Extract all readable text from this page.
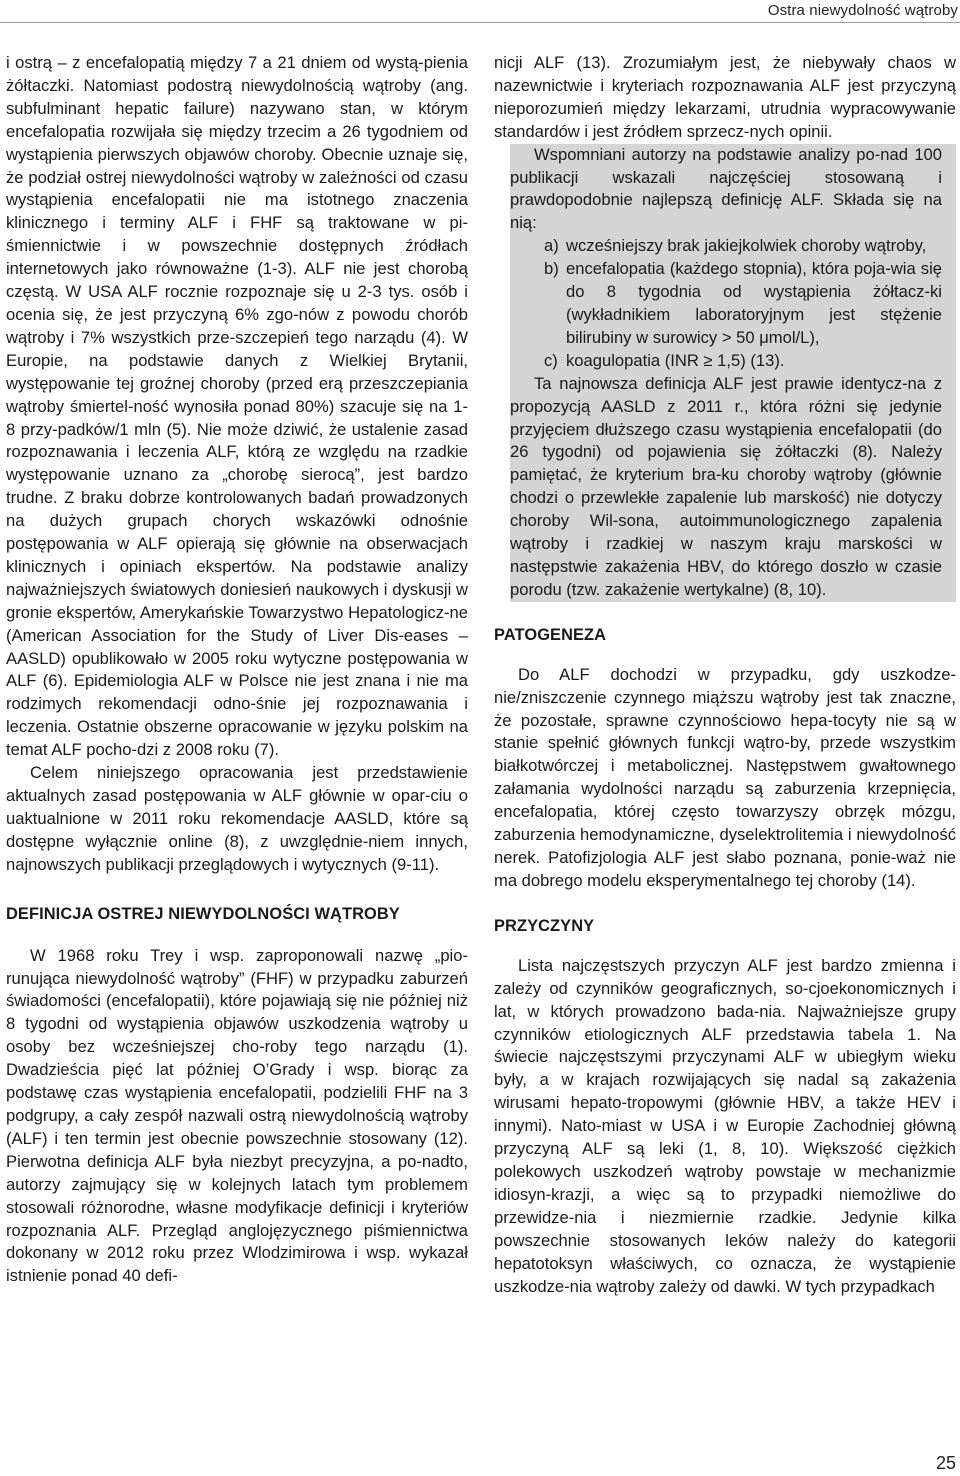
Ostra niewydolność wątroby

i ostrą – z encefalopatią między 7 a 21 dniem od wystą-pienia żółtaczki. Natomiast podostrą niewydolnością wątroby (ang. subfulminant hepatic failure) nazywano stan, w którym encefalopatia rozwijała się między trzecim a 26 tygodniem od wystąpienia pierwszych objawów choroby. Obecnie uznaje się, że podział ostrej niewydolności wątroby w zależności od czasu wystąpienia encefalopatii nie ma istotnego znaczenia klinicznego i terminy ALF i FHF są traktowane w pi-śmiennictwie i w powszechnie dostępnych źródłach internetowych jako równoważne (1-3). ALF nie jest chorobą częstą. W USA ALF rocznie rozpoznaje się u 2-3 tys. osób i ocenia się, że jest przyczyną 6% zgo-nów z powodu chorób wątroby i 7% wszystkich prze-szczepień tego narządu (4). W Europie, na podstawie danych z Wielkiej Brytanii, występowanie tej groźnej choroby (przed erą przeszczepiania wątroby śmiertel-ność wynosiła ponad 80%) szacuje się na 1-8 przy-padków/1 mln (5). Nie może dziwić, że ustalenie zasad rozpoznawania i leczenia ALF, którą ze względu na rzadkie występowanie uznano za „chorobę sierocą”, jest bardzo trudne. Z braku dobrze kontrolowanych badań prowadzonych na dużych grupach chorych wskazówki odnośnie postępowania w ALF opierają się głównie na obserwacjach klinicznych i opiniach ekspertów. Na podstawie analizy najważniejszych światowych doniesień naukowych i dyskusji w gronie ekspertów, Amerykańskie Towarzystwo Hepatologicz-ne (American Association for the Study of Liver Dis-eases – AASLD) opublikowało w 2005 roku wytyczne postępowania w ALF (6). Epidemiologia ALF w Polsce nie jest znana i nie ma rodzimych rekomendacji odno-śnie jej rozpoznawania i leczenia. Ostatnie obszerne opracowanie w języku polskim na temat ALF pocho-dzi z 2008 roku (7).

Celem niniejszego opracowania jest przedstawienie aktualnych zasad postępowania w ALF głównie w opar-ciu o uaktualnione w 2011 roku rekomendacje AASLD, które są dostępne wyłącznie online (8), z uwzględnie-niem innych, najnowszych publikacji przeglądowych i wytycznych (9-11).

DEFINICJA OSTREJ NIEWYDOLNOŚCI WĄTROBY

W 1968 roku Trey i wsp. zaproponowali nazwę „pio-runująca niewydolność wątroby” (FHF) w przypadku zaburzeń świadomości (encefalopatii), które pojawiają się nie później niż 8 tygodni od wystąpienia objawów uszkodzenia wątroby u osoby bez wcześniejszej cho-roby tego narządu (1). Dwadzieścia pięć lat później O’Grady i wsp. biorąc za podstawę czas wystąpienia encefalopatii, podzielili FHF na 3 podgrupy, a cały zespół nazwali ostrą niewydolnością wątroby (ALF) i ten termin jest obecnie powszechnie stosowany (12). Pierwotna definicja ALF była niezbyt precyzyjna, a po-nadto, autorzy zajmujący się w kolejnych latach tym problemem stosowali różnorodne, własne modyfikacje definicji i kryteriów rozpoznania ALF. Przegląd anglojęzycznego piśmiennictwa dokonany w 2012 roku przez Wlodzimirowa i wsp. wykazał istnienie ponad 40 defi-

nicji ALF (13). Zrozumiałym jest, że niebywały chaos w nazewnictwie i kryteriach rozpoznawania ALF jest przyczyną nieporozumień między lekarzami, utrudnia wypracowywanie standardów i jest źródłem sprzecz-nych opinii.

Wspomniani autorzy na podstawie analizy po-nad 100 publikacji wskazali najczęściej stosowaną i prawdopodobnie najlepszą definicję ALF. Składa się na nią:

a) wcześniejszy brak jakiejkolwiek choroby wątroby,
b) encefalopatia (każdego stopnia), która poja-wia się do 8 tygodnia od wystąpienia żółtacz-ki (wykładnikiem laboratoryjnym jest stężenie bilirubiny w surowicy > 50 μmol/L),
c) koagulopatia (INR ≥ 1,5) (13).

Ta najnowsza definicja ALF jest prawie identycz-na z propozycją AASLD z 2011 r., która różni się jedynie przyjęciem dłuższego czasu wystąpienia encefalopatii (do 26 tygodni) od pojawienia się żółtaczki (8). Należy pamiętać, że kryterium bra-ku choroby wątroby (głównie chodzi o przewlekłe zapalenie lub marskość) nie dotyczy choroby Wil-sona, autoimmunologicznego zapalenia wątroby i rzadkiej w naszym kraju marskości w następstwie zakażenia HBV, do którego doszło w czasie porodu (tzw. zakażenie wertykalne) (8, 10).

PATOGENEZA

Do ALF dochodzi w przypadku, gdy uszkodze-nie/zniszczenie czynnego miąższu wątroby jest tak znaczne, że pozostałe, sprawne czynnościowo hepa-tocyty nie są w stanie spełnić głównych funkcji wątro-by, przede wszystkim białkotwórczej i metabolicznej. Następstwem gwałtownego załamania wydolności narządu są zaburzenia krzepnięcia, encefalopatia, której często towarzyszy obrzęk mózgu, zaburzenia hemodynamiczne, dyselektrolitemia i niewydolność nerek. Patofizjologia ALF jest słabo poznana, ponie-waż nie ma dobrego modelu eksperymentalnego tej choroby (14).

PRZYCZYNY

Lista najczęstszych przyczyn ALF jest bardzo zmienna i zależy od czynników geograficznych, so-cjoekonomicznych i lat, w których prowadzono bada-nia. Najważniejsze grupy czynników etiologicznych ALF przedstawia tabela 1. Na świecie najczęstszymi przyczynami ALF w ubiegłym wieku były, a w krajach rozwijających się nadal są zakażenia wirusami hepato-tropowymi (głównie HBV, a także HEV i innymi). Nato-miast w USA i w Europie Zachodniej główną przyczyną ALF są leki (1, 8, 10). Większość ciężkich polekowych uszkodzeń wątroby powstaje w mechanizmie idiosyn-krazji, a więc są to przypadki niemożliwe do przewidze-nia i niezmiernie rzadkie. Jedynie kilka powszechnie stosowanych leków należy do kategorii hepatotoksyn właściwych, co oznacza, że wystąpienie uszkodze-nia wątroby zależy od dawki. W tych przypadkach

25
